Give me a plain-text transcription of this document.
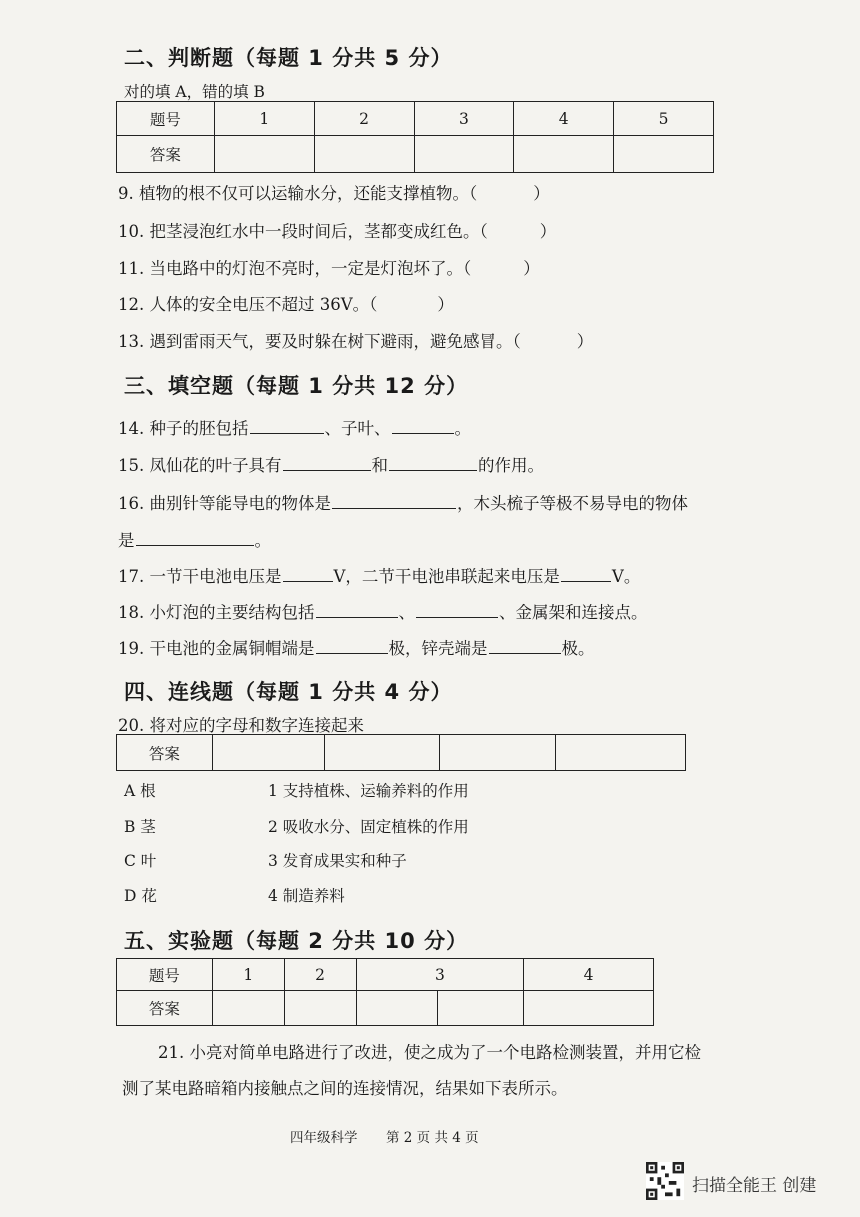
二、判断题（每题 1 分共 5 分）
对的填 A，错的填 B
题号	1	2	3	4	5
答案					
9. 植物的根不仅可以运输水分，还能支撑植物。（	）
10. 把茎浸泡红水中一段时间后，茎都变成红色。（	）
11. 当电路中的灯泡不亮时，一定是灯泡坏了。（	）
12. 人体的安全电压不超过 36V。（	）
13. 遇到雷雨天气，要及时躲在树下避雨，避免感冒。（	）
三、填空题（每题 1 分共 12 分）
14. 种子的胚包括	、子叶、	。
15. 凤仙花的叶子具有	和	的作用。
16. 曲别针等能导电的物体是	，木头梳子等极不易导电的物体
是	。
17. 一节干电池电压是	V，二节干电池串联起来电压是	V。
18. 小灯泡的主要结构包括	、	、金属架和连接点。
19. 干电池的金属铜帽端是	极，锌壳端是	极。
四、连线题（每题 1 分共 4 分）
20. 将对应的字母和数字连接起来
答案				
A 根
B 茎
C 叶
D 花
1 支持植株、运输养料的作用
2 吸收水分、固定植株的作用
3 发育成果实和种子
4 制造养料
五、实验题（每题 2 分共 10 分）
题号	1	2	3		4
答案					
21. 小亮对简单电路进行了改进，使之成为了一个电路检测装置，并用它检
测了某电路暗箱内接触点之间的连接情况，结果如下表所示。
四年级科学 第 2 页 共 4 页
扫描全能王 创建
